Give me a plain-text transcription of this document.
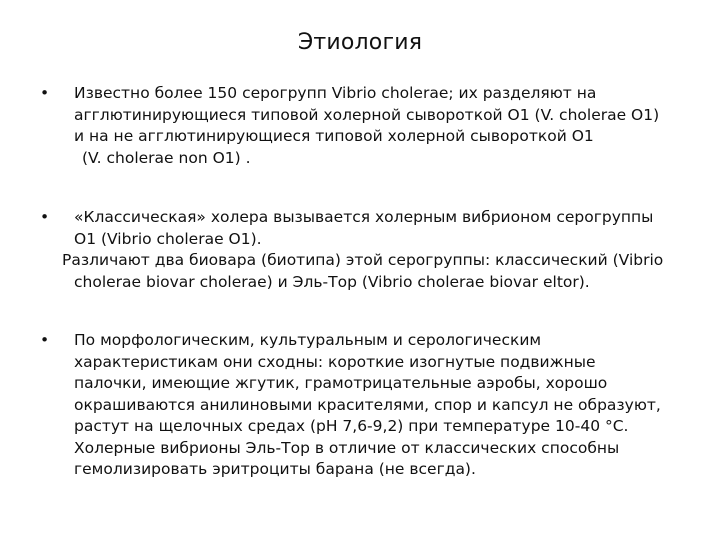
Этиология
•	Известно более 150 серогрупп Vibrio cholerae; их разделяют на
агглютинирующиеся типовой холерной сывороткой О1 (V. cholerae O1)
и на не агглютинирующиеся типовой холерной сывороткой О1
(V. cholerae non O1) .
•	«Классическая» холера вызывается холерным вибрионом серогруппы
О1 (Vibrio cholerae O1).
Различают два биовара (биотипа) этой серогруппы: классический (Vibrio
cholerae biovar cholerae) и Эль-Тор (Vibrio cholerae biovar eltor).
•	По морфологическим, культуральным и серологическим
характеристикам они сходны: короткие изогнутые подвижные
палочки, имеющие жгутик, грамотрицательные аэробы, хорошо
окрашиваются анилиновыми красителями, спор и капсул не образуют,
растут на щелочных средах (рН 7,6-9,2) при температуре 10-40 °С.
Холерные вибрионы Эль-Тор в отличие от классических способны
гемолизировать эритроциты барана (не всегда).
